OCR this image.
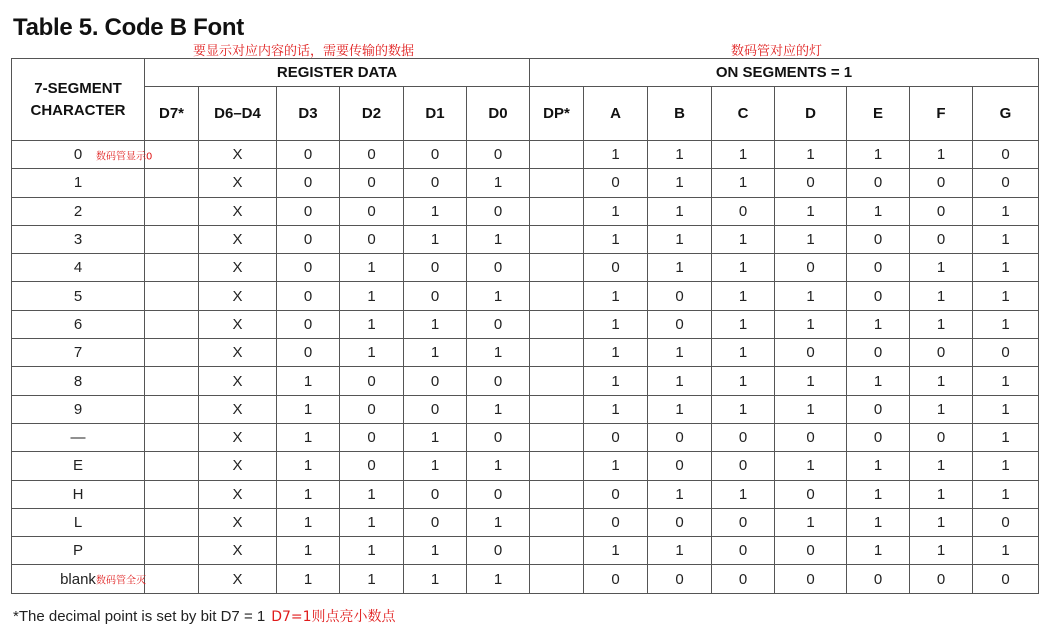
Table 5. Code B Font
要显示对应内容的话，需要传输的数据	数码管对应的灯
7-SEGMENT
CHARACTER	REGISTER DATA						ON SEGMENTS = 1							
	D7*	D6–D4	D3	D2	D1	D0	DP*	A	B	C	D	E	F	G
0 数码管显示0		X	0	0	0	0		1	1	1	1	1	1	0
1		X	0	0	0	1		0	1	1	0	0	0	0
2		X	0	0	1	0		1	1	0	1	1	0	1
3		X	0	0	1	1		1	1	1	1	0	0	1
4		X	0	1	0	0		0	1	1	0	0	1	1
5		X	0	1	0	1		1	0	1	1	0	1	1
6		X	0	1	1	0		1	0	1	1	1	1	1
7		X	0	1	1	1		1	1	1	0	0	0	0
8		X	1	0	0	0		1	1	1	1	1	1	1
9		X	1	0	0	1		1	1	1	1	0	1	1
—		X	1	0	1	0		0	0	0	0	0	0	1
E		X	1	0	1	1		1	0	0	1	1	1	1
H		X	1	1	0	0		0	1	1	0	1	1	1
L		X	1	1	0	1		0	0	0	1	1	1	0
P		X	1	1	1	0		1	1	0	0	1	1	1
blank 数码管全灭		X	1	1	1	1		0	0	0	0	0	0	0
*The decimal point is set by bit D7 = 1 D7=1则点亮小数点
